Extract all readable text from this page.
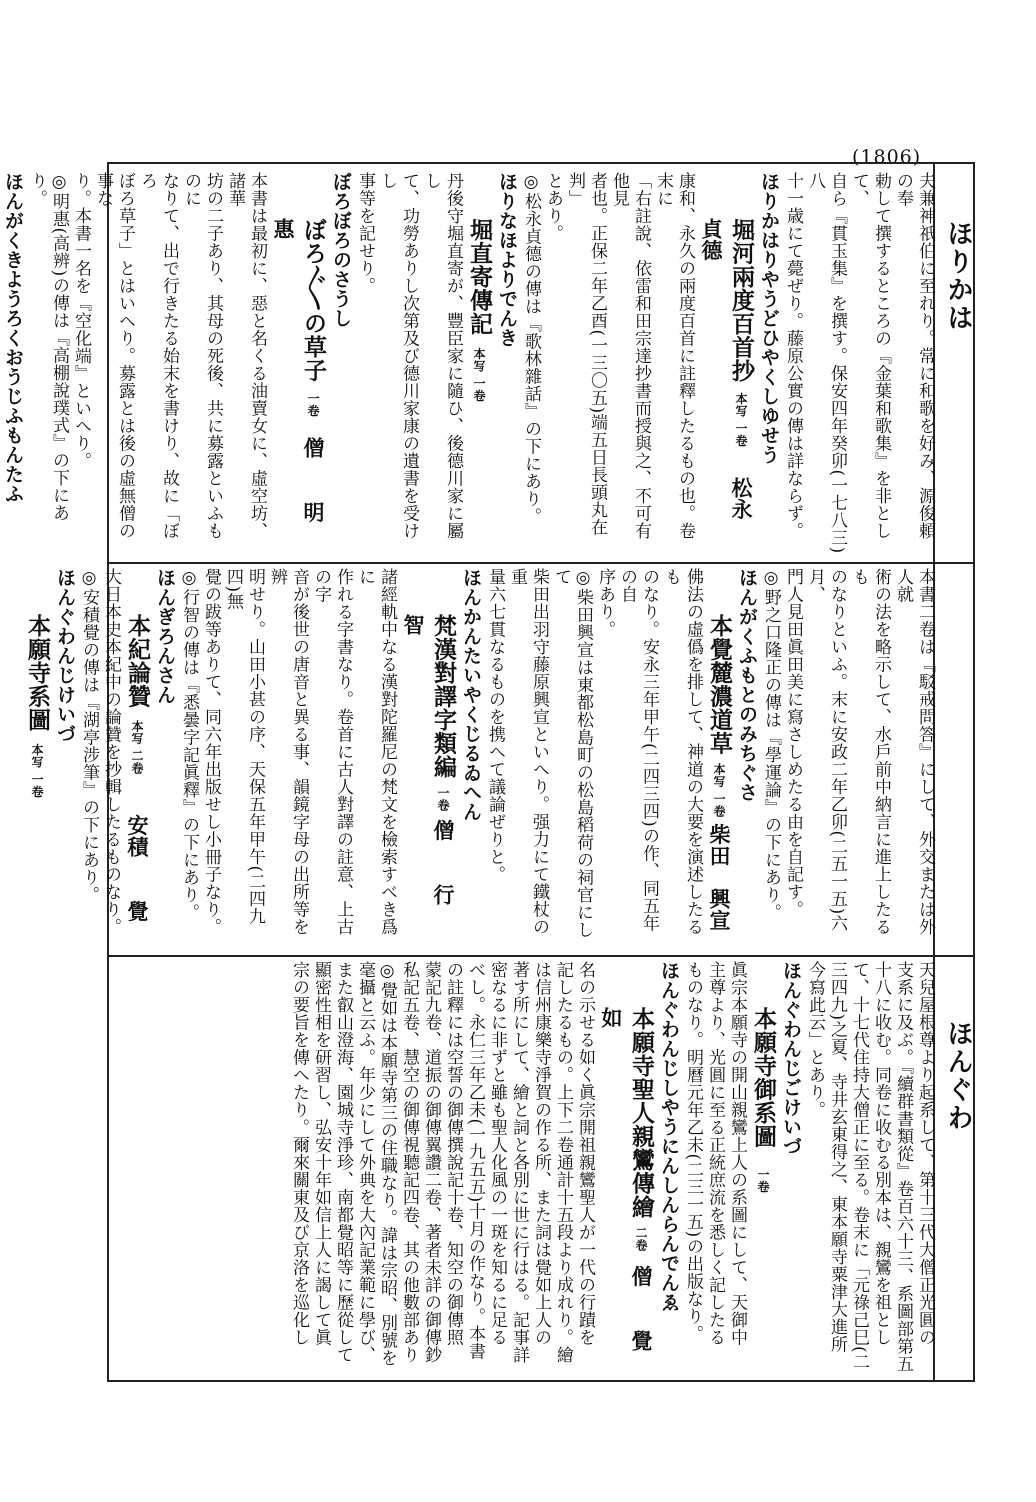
(1806)
ほりかは
ほんぐわ
夫兼神祇伯に至れり。常に和歌を好み、源俊頼の奉
勅して撰するところの『金葉和歌集』を非として、
自ら『貫玉集』を撰す。保安四年癸卯(一七八三)八
十一歳にて薨ぜり。藤原公實の傳は詳ならず。
ほりかはりやうどひやくしゆせう
堀河兩度百首抄本写 一卷松永　貞德
康和、永久の兩度百首に註釋したるもの也。卷末に
「右註說、依雷和田宗達抄書而授與之、不可有他見
者也。正保二年乙酉(一三〇五)端五日長頭丸在判」
とあり。
◎松永貞德の傳は『歌林雜話』の下にあり。
ほりなほよりでんき
堀直寄傳記本写 一卷
丹後守堀直寄が、豐臣家に隨ひ、後德川家に屬し
て、功勞ありし次第及び德川家康の遺書を受けし
事等を記せり。
ぼろぼろのさうし
ぼろ〴〵の草子一卷僧　　明　惠
本書は最初に、惡と名くる油賣女に、虛空坊、諸華
坊の二子あり、其母の死後、共に募露といふものに
なりて、出で行きたる始末を書けり、故に「ぼろ
ぼろ草子」とはいへり。募露とは後の虛無僧の事な
り。本書一名を『空化端』といへり。
◎明惠(高辨)の傳は『高棚說璞式』の下にあり。
ほんがくきようろくおうじふもんたふ
本書二卷は『駁戒問答』にして、外交または外人就
術の法を略示して、水戶前中納言に進上したるも
のなりといふ。末に安政二年乙卯(二五一五)六月、
門人見田眞田美に寫さしめたる由を自記す。
◎野之口隆正の傳は『學運論』の下にあり。
ほんがくふもとのみちぐさ
本覺麓濃道草本写 一卷柴田　興宣
佛法の虛僞を排して、神道の大要を演述したるも
のなり。安永三年甲午(二四三四)の作、同五年の自
序あり。
◎柴田興宣は東都松島町の松島稻荷の祠官にして
柴田出羽守藤原興宣といへり。强力にて鐵杖の重
量六七貫なるものを携へて議論ぜりと。
ほんかんたいやくじるゐへん
梵漢對譯字類編一卷僧　　行　智
諸經軌中なる漢對陀羅尼の梵文を檢索すべき爲に
作れる字書なり。卷首に古人對譯の註意、上古の字
音が後世の唐音と異る事、韻鏡字母の出所等を辨
明せり。山田小甚の序、天保五年甲午(二四九四)無
覺の跋等ありて、同六年出版せし小冊子なり。
◎行智の傳は『悉曇字記眞釋』の下にあり。
ほんぎろんさん
本紀論贊本写 二卷安積　　覺
大日本史本紀中の論贊を抄輯したるものなり。
◎安積覺の傳は『湖亭涉筆』の下にあり。
ほんぐわんじけいづ
本願寺系圖本写 一卷
天兒屋根尊より起系して、第十三代大僧正光圓の
支系に及ぶ。『續群書類從』卷百六十三、系圖部第五
十八に收む。同卷に收むる別本は、親鸞を祖とし
て、十七代住持大僧正に至る。卷末に「元祿己巳(二
三四九)之夏、寺井玄東得之、東本願寺粟津大進所
今寫此云」とあり。
ほんぐわんじごけいづ
本願寺御系圖一卷
眞宗本願寺の開山親鸞上人の系圖にして、天御中
主尊より、光圓に至る正統庶流を悉しく記したる
ものなり。明曆元年乙未(二三一五)の出版なり。
ほんぐわんじしやうにんしんらんでんゑ
本願寺聖人親鸞傳繪二卷僧　　覺　如
名の示せる如く眞宗開祖親鸞聖人が一代の行蹟を
記したるもの。上下二卷通計十五段より成れり。繪
は信州康樂寺淨賀の作る所、また詞は覺如上人の
著す所にして、繪と詞と各別に世に行はる。記事詳
密なるに非ずと雖も聖人化風の一斑を知るに足る
べし。永仁三年乙未(一九五五)十月の作なり。本書
の註釋には空誓の御傳撰說記十卷、知空の御傳照
蒙記九卷、道振の御傳翼讚二卷、著者未詳の御傳鈔
私記五卷、慧空の御傳視聽記四卷、其の他數部あり
◎覺如は本願寺第三の住職なり。諱は宗昭、別號を
毫攝と云ふ。年少にして外典を大內記業範に學び、
また叡山澄海、園城寺淨珍、南都覺昭等に歷從して
顯密性相を研習し、弘安十年如信上人に謁して眞
宗の要旨を傳へたり。爾來關東及び京洛を巡化し
